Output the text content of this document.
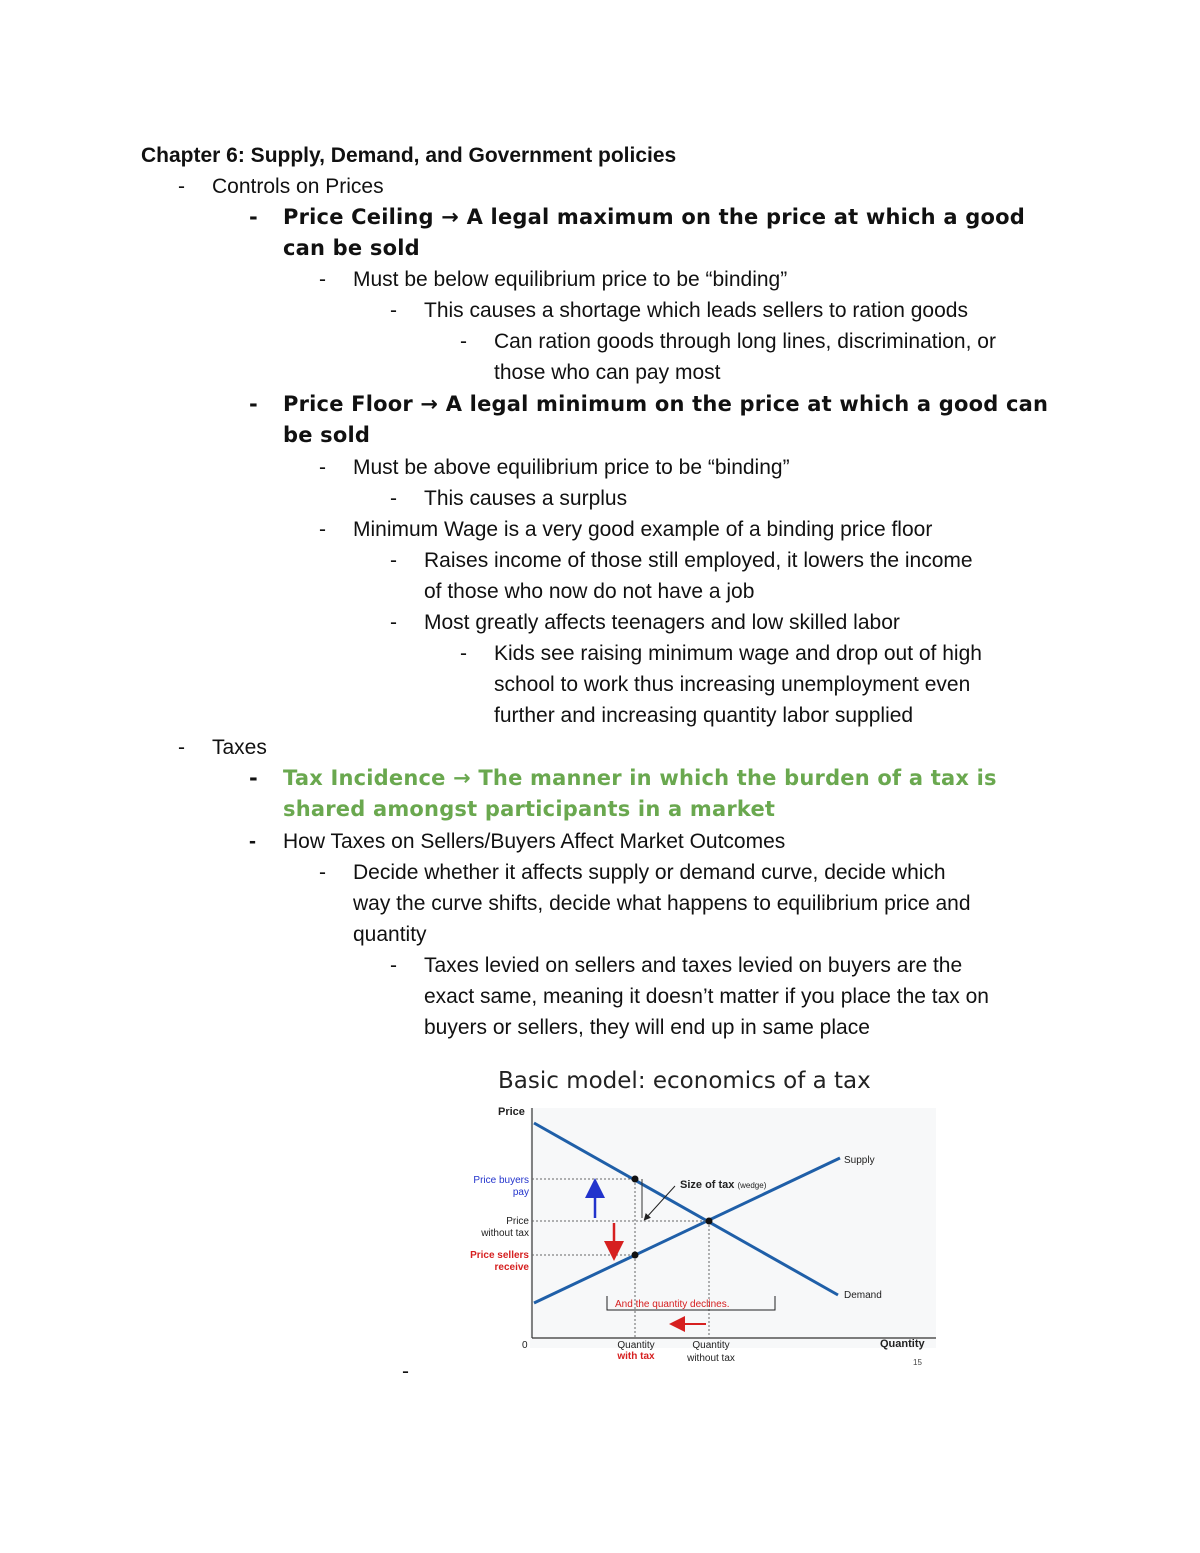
Chapter 6: Supply, Demand, and Government policies
-	Controls on Prices
-	Price Ceiling → A legal maximum on the price at which a good
can be sold
-	Must be below equilibrium price to be “binding”
-	This causes a shortage which leads sellers to ration goods
-	Can ration goods through long lines, discrimination, or
those who can pay most
-	Price Floor → A legal minimum on the price at which a good can
be sold
-	Must be above equilibrium price to be “binding”
-	This causes a surplus
-	Minimum Wage is a very good example of a binding price floor
-	Raises income of those still employed, it lowers the income
of those who now do not have a job
-	Most greatly affects teenagers and low skilled labor
-	Kids see raising minimum wage and drop out of high
school to work thus increasing unemployment even
further and increasing quantity labor supplied
-	Taxes
-	Tax Incidence → The manner in which the burden of a tax is
shared amongst participants in a market
-	How Taxes on Sellers/Buyers Affect Market Outcomes
-	Decide whether it affects supply or demand curve, decide which
way the curve shifts, decide what happens to equilibrium price and
quantity
-	Taxes levied on sellers and taxes levied on buyers are the
exact same, meaning it doesn’t matter if you place the tax on
buyers or sellers, they will end up in same place
Basic model: economics of a tax
Price
Quantity
0
Supply
Demand
Size of tax (wedge)
Price buyers
pay
Price
without tax
Price sellers
receive
And the quantity declines.
Quantity
with tax
Quantity
without tax	15
-
